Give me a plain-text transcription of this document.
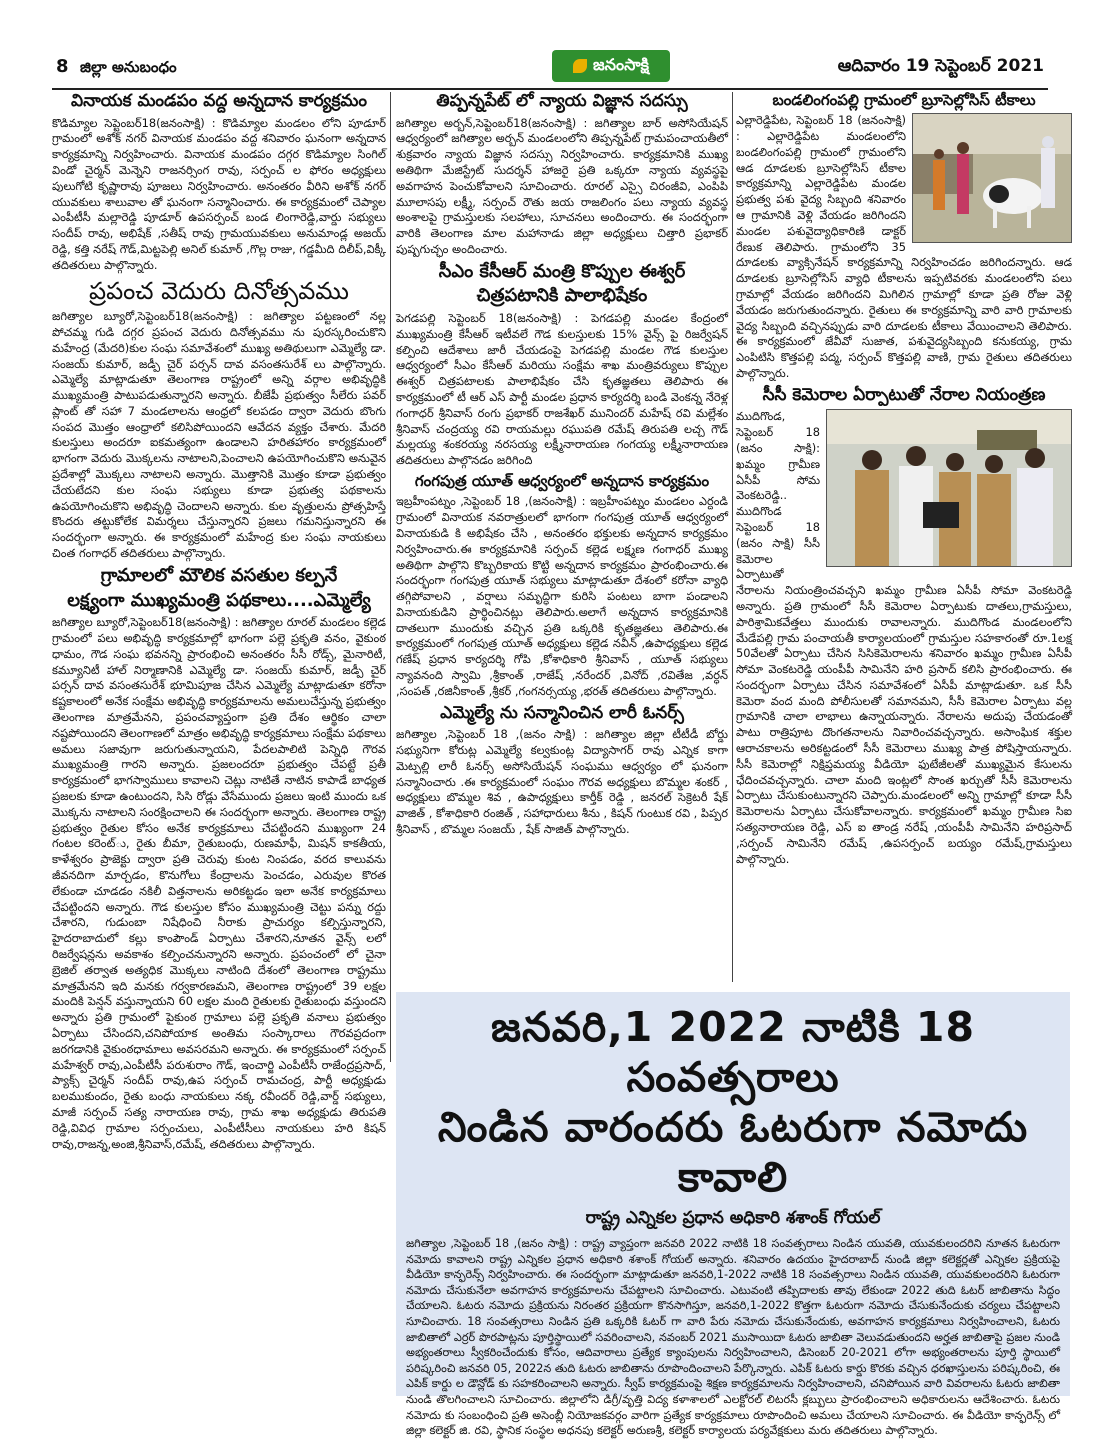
8 జిల్లా అనుబంధం	జనంసాక్షి	ఆదివారం 19 సెప్టెంబర్ 2021
వినాయక మండపం వద్ద అన్నదాన కార్యక్రమం

కొడిమ్యాల సెప్టెంబర్18(జనంసాక్షి) : కొడిమ్యాల మండలం లోని పూడూర్ గ్రామంలో అశోక్ నగర్ వినాయక మండపం వద్ద శనివారం ఘనంగా అన్నదాన కార్యక్రమాన్ని నిర్వహించారు. వినాయక మండపం దగ్గర కొడిమ్యాల సింగిల్ విండో చైర్మన్ మెన్నెని రాజనర్సింగ రావు, సర్పంచ్ ల ఫోరం అధ్యక్షులు పులుగోటి కృష్ణారావు పూజలు నిర్వహించారు. అనంతరం వీరిని అశోక్ నగర్ యువకులు శాలువాల తో ఘనంగా సన్మానించారు. ఈ కార్యక్రమంలో చెప్యాల ఎంపీటీసీ మల్లారెడ్డి పూడూర్ ఉపసర్పంచ్ బండ లింగారెడ్డి,వార్డు సభ్యులు సందీప్ రావు, అభిషేక్ ,సతీష్ రావు గ్రామయువకులు అనుమాండ్ల అజయ్ రెడ్డి, కత్తి నరేష్ గౌడ్,మిట్టపెల్లి అనిల్ కుమార్ ,గొల్ల రాజు, గడ్డమీది దిలీప్,విక్కీ తదితరులు పాల్గొన్నారు.

ప్రపంచ వెదురు దినోత్సవము

జగిత్యాల బ్యూరో,సెప్టెంబర్18(జనంసాక్షి) : జగిత్యాల పట్టణంలో నల్ల పోచమ్మ గుడి దగ్గర ప్రపంచ వెదురు దినోత్సవము ను పురస్కరించుకొని మహేంద్ర (మేదరి)కుల సంఘ సమావేశంలో ముఖ్య అతిథులుగా ఎమ్మెల్యే డా. సంజయ్ కుమార్, జడ్పీ చైర్ పర్సన్ దావ వసంతసురేశ్ లు పాల్గొన్నారు. ఎమ్మెల్యే మాట్లాడుతూ తెలంగాణ రాష్ట్రంలో అన్ని వర్గాల అభివృద్ధికి ముఖ్యమంత్రి పాటుపడుతున్నారని అన్నారు. బీజేపీ ప్రభుత్వం సీలేరు పవర్ ప్లాంట్ తో సహా 7 మండలాలను ఆంధ్రలో కలపడం ద్వారా వెదురు బొంగు సంపద మొత్తం ఆంధ్రాలో కలిసిపోయిందని ఆవేదన వ్యక్తం చేశారు. మేదరి కులస్తులు అందరూ ఐకమత్యంగా ఉండాలని హరితహారం కార్యక్రమంలో భాగంగా వెదురు మొక్కలను నాటాలని,పెంచాలని ఉపయోగించుకొని అనువైన ప్రదేశాల్లో మొక్కలు నాటాలని అన్నారు. మొత్తానికి మొత్తం కూడా ప్రభుత్వం చేయటేదని కుల సంఘ సభ్యులు కూడా ప్రభుత్వ పథకాలను ఉపయోగించుకొని అభివృద్ధి చెందాలని అన్నారు. కుల వృత్తులను ప్రోత్సహిస్తే కొందరు తట్టుకోలేక విమర్శలు చేస్తున్నారని ప్రజలు గమనిస్తున్నారని ఈ సందర్భంగా అన్నారు. ఈ కార్యక్రమంలో మహేంద్ర కుల సంఘ నాయకులు చింత గంగాధర్ తదితరులు పాల్గొన్నారు.

గ్రామాలలో మౌలిక వసతుల కల్పనే
లక్ష్యంగా ముఖ్యమంత్రి పథకాలు....ఎమ్మెల్యే

జగిత్యాల బ్యూరో,సెప్టెంబర్18(జనంసాక్షి) : జగిత్యాల రూరల్ మండలం కల్లెడ గ్రామంలో పలు అభివృద్ధి కార్యక్రమాల్లో భాగంగా పల్లె ప్రకృతి వనం, వైకుంఠ ధామం, గౌడ సంఘ భవనన్ని ప్రారంభించి అనంతరం సీసీ రోడ్స్, మైనారిటీ, కమ్యూనిటీ హాల్ నిర్మాణానికి ఎమ్మెల్యే డా. సంజయ్ కుమార్, జడ్పీ చైర్ పర్సన్ దావ వసంతసురేశ్ భూమిపూజ చేసిన ఎమ్మెల్యే మాట్లాడుతూ కరోనా కష్టకాలంలో అనేక సంక్షేమ అభివృద్ధి కార్యక్రమాలను అమలుచేస్తున్న ప్రభుత్వం తెలంగాణ మాత్రమేనని, ప్రపంచవ్యాప్తంగా ప్రతి దేశం ఆర్థికం చాలా నష్టపోయిందని తెలంగాణలో మాత్రం అభివృద్ధి కార్యక్రమాలు సంక్షేమ పథకాలు అమలు సజావుగా జరుగుతున్నాయని, పేదలపాలిటి పెన్నిధి గౌరవ ముఖ్యమంత్రి గారని అన్నారు. ప్రజలందరూ ప్రభుత్వం చేపట్టే ప్రతీ కార్యక్రమంలో భాగస్వాములు కావాలని చెట్లు నాటితే నాటిన కాపాడే బాధ్యత ప్రజలకు కూడా ఉంటుందని, సిసి రోడ్లు వేసేముందు ప్రజలు ఇంటి ముందు ఒక మొక్కను నాటాలని సంరక్షించాలని ఈ సందర్భంగా అన్నారు. తెలంగాణ రాష్ట్ర ప్రభుత్వం రైతుల కోసం అనేక కార్యక్రమాలు చేపట్టిందని ముఖ్యంగా 24 గంటల కరెంట్ు, రైతు బీమా, రైతుబంధు, రుణమాఫీ, మిషన్ కాకతీయ, కాళేశ్వరం ప్రాజెక్టు ద్వారా ప్రతి చెరువు కుంట నింపడం, వరద కాలువను జీవనదిగా మార్చడం, కొనుగోలు కేంద్రాలను పెంచడం, ఎరువుల కొరత లేకుండా చూడడం నకిలీ విత్తనాలను అరికట్టడం ఇలా అనేక కార్యక్రమాలు చేపట్టిందని అన్నారు. గౌడ కులస్తుల కోసం ముఖ్యమంత్రి చెట్టు పన్ను రద్దు చేశారని, గుడుంబా నిషేధించి నీరాకు ప్రాచుర్యం కల్పిస్తున్నారని, హైదరాబాదులో కల్లు కాంపౌండ్ ఏర్పాటు చేశారని,నూతన వైన్స్ లలో రిజర్వేషన్లను అవకాశం కల్పించనున్నారని అన్నారు. ప్రపంచంలో లో చైనా బ్రెజిల్ తర్వాత అత్యధిక మొక్కలు నాటింది దేశంలో తెలంగాణ రాష్ట్రము మాత్రమేనని ఇది మనకు గర్వకారణమని, తెలంగాణ రాష్ట్రంలో 39 లక్షల మందికి పెన్షన్ వస్తున్నాయని 60 లక్షల మంది రైతులకు రైతుబంధు వస్తుందని అన్నారు ప్రతి గ్రామంలో పైకుంఠ గ్రామాలు పల్లె ప్రకృతి వనాలు ప్రభుత్వం ఏర్పాటు చేసిందని,చనిపోయాక అంతిమ సంస్కారాలు గౌరవప్రదంగా జరగడానికి వైకుంఠధామాలు అవసరమని అన్నారు. ఈ కార్యక్రమంలో సర్పంచ్ మహేశ్వర్ రావు,ఎంపీటీసీ పరుశురాం గౌడ్, ఇంచార్జి ఎంపీటీసీ రాజేంద్రప్రసాద్, ప్యాక్స్ చైర్మన్ సందీప్ రావు,ఉప సర్పంచ్ రామచంద్ర, పార్టీ అధ్యక్షుడు బలముకుందం, రైతు బంధు నాయకులు నక్క రవీందర్ రెడ్డి,వార్డ్ సభ్యులు, మాజీ సర్పంచ్ సత్య నారాయణ రావు, గ్రామ శాఖ అధ్యక్షుడు తిరుపతి రెడ్డి,వివిధ గ్రామాల సర్పంచులు, ఎంపీటీసీలు నాయకులు హరి కిషన్ రావు,రాజన్న,అంజి,శ్రీనివాస్,రమేష్, తదితరులు పాల్గొన్నారు.

తిప్పన్నపేట్ లో న్యాయ విజ్ఞాన సదస్సు

జగిత్యాల అర్బన్,సెప్టెంబర్18(జనంసాక్షి) : జగిత్యాల బార్ అసోసియేషన్ ఆధ్వర్యంలో జగిత్యాల అర్బన్ మండలంలోని తిప్పన్నపేట్ గ్రామపంచాయతీలో శుక్రవారం న్యాయ విజ్ఞాన సదస్సు నిర్వహించారు. కార్యక్రమానికి ముఖ్య అతిథిగా మేజిస్ట్రేట్ సుదర్శన్ హాజరై ప్రతి ఒక్కరూ న్యాయ వ్యవస్థపై అవగాహన పెంచుకోవాలని సూచించారు. రూరల్ ఎస్సై చిరంజీవి, ఎంపిపి మూలాసపు లక్ష్మీ, సర్పంచ్ రౌతు జయ రాజలింగం పలు న్యాయ వ్యవస్థ అంశాలపై గ్రామస్తులకు సలహాలు, సూచనలు అందించారు. ఈ సందర్భంగా వారికి తెలంగాణ మాల మహానాడు జిల్లా అధ్యక్షులు చిత్తారి ప్రభాకర్ పుష్పగుచ్ఛం అందించారు.

సీఎం కేసీఆర్ మంత్రి కొప్పుల ఈశ్వర్
చిత్రపటానికి పాలాభిషేకం

పెగడపల్లి సెప్టెంబర్ 18(జనంసాక్షి) : పెగడపల్లి మండల కేంద్రంలో ముఖ్యమంత్రి కేసీఆర్ ఇటీవలే గౌడ కులస్తులకు 15% వైన్స్ పై రిజర్వేషన్ కల్పించి ఆదేశాలు జారీ చేయడంపై పెగడపల్లి మండల గౌడ కులస్తుల ఆధ్వర్యంలో సీఎం కేసీఆర్ మరియు సంక్షేమ శాఖ మంత్రివర్యులు కొప్పుల ఈశ్వర్ చిత్రపటాలకు పాలాభిషేకం చేసి కృతజ్ఞతలు తెలిపారు ఈ కార్యక్రమంలో టీ ఆర్ ఎస్ పార్టీ మండల ప్రధాన కార్యదర్శి బండి వెంకన్న నేరెళ్ల గంగాధర్ శ్రీనివాస్ రంగు ప్రభాకర్ రాజశేఖర్ మునిందర్ మహేష్ రవి మల్లేశం శ్రీనివాస్ చంద్రయ్య రవి రాయమల్లు రఘుపతి రమేష్ తిరుపతి లచ్చ గౌడ్ మల్లయ్య శంకరయ్య నరసయ్య లక్ష్మీనారాయణ గంగయ్య లక్ష్మీనారాయణ తదితరులు పాల్గొనడం జరిగింది

గంగపుత్ర యూత్ ఆధ్వర్యంలో అన్నదాన కార్యక్రమం

ఇబ్రహీంపట్నం ,సెప్టెంబర్ 18 ,(జనంసాక్షి) : ఇబ్రహీంపట్నం మండలం ఎర్దండి గ్రామంలో వినాయక నవరాత్రులలో భాగంగా గంగపుత్ర యూత్ ఆధ్వర్యంలో వినాయకుడి కి అభిషేకం చేసి , అనంతరం భక్తులకు అన్నదాన కార్యక్రమం నిర్వహించారు.ఈ కార్యక్రమానికి సర్పంచ్ కల్లెడ లక్ష్మణ గంగాధర్ ముఖ్య అతిథిగా పాల్గొని కొబ్బరికాయ కొట్టి అన్నదాన కార్యక్రమం ప్రారంభించారు.ఈ సందర్భంగా గంగపుత్ర యూత్ సభ్యులు మాట్లాడుతూ దేశంలో కరోనా వ్యాధి తగ్గిపోవాలని , వర్షాలు సమృద్ధిగా కురిసి పంటలు బాగా పండాలని వినాయకుడిని ప్రార్థించినట్లు తెలిపారు.అలాగే అన్నదాన కార్యక్రమానికి దాతలుగా ముందుకు వచ్చిన ప్రతి ఒక్కరికి కృతజ్ఞతలు తెలిపారు.ఈ కార్యక్రమంలో గంగపుత్ర యూత్ అధ్యక్షులు కల్లెడ నవీన్ ,ఉపాధ్యక్షులు కల్లెడ గణేష్ ప్రధాన కార్యదర్శి గోపి ,కోశాధికారి శ్రీనివాస్ , యూత్ సభ్యులు న్యావనంది స్వామి ,శ్రీకాంత్ ,రాజేష్ ,నరేందర్ ,వినోద్ ,రవితేజ ,వర్ధన్ ,సంపత్ ,రజినీకాంత్ ,శ్రీకర్ ,గంగనర్సయ్య ,భరత్ తదితరులు పాల్గొన్నారు.

ఎమ్మెల్యే ను సన్మానించిన లారీ ఓనర్స్

జగిత్యాల ,సెప్టెంబర్ 18 ,(జనం సాక్షి) : జగిత్యాల జిల్లా టీటీడీ బోర్డు సభ్యునిగా కోరుట్ల ఎమ్మెల్యే కల్వకుంట్ల విద్యాసాగర్ రావు ఎన్నిక కాగా మెట్పల్లి లారీ ఓనర్స్ అసోసియేషన్ సంఘము ఆధ్వర్యం లో ఘనంగా సన్మానించారు .ఈ కార్యక్రమంలో సంఘం గౌరవ అధ్యక్షులు బొమ్మల శంకర్ , అధ్యక్షులు బొమ్మల శివ , ఉపాధ్యక్షులు కార్తీక్ రెడ్డి , జనరల్ సెక్రెటరీ షేక్ వాజిత్ , కోశాధికారి రంజిత్ , సహాధారులు శీను , కిషన్ గుంటుక రవి , పిప్పర శ్రీనివాస్ , బొమ్మల సంజయ్ , షేక్ సాజిత్ పాల్గొన్నారు.

బండలింగంపల్లి గ్రామంలో బ్రూసెల్లోసిస్ టీకాలు

ఎల్లారెడ్డిపేట, సెప్టెంబర్ 18 (జనంసాక్షి) : ఎల్లారెడ్డిపేట మండలంలోని బండలింగంపల్లి గ్రామంలో గ్రామంలోని ఆడ దూడలకు బ్రూసెల్లోసిస్ టీకాల కార్యక్రమాన్ని ఎల్లారెడ్డిపేట మండల ప్రభుత్వ పశు వైద్య సిబ్బంది శనివారం ఆ గ్రామానికి వెళ్లి వేయడం జరిగిందని మండల పశువైద్యాధికారిణి డాక్టర్ రేణుక తెలిపారు. గ్రామంలోని 35 దూడలకు వ్యాక్సినేషన్ కార్యక్రమాన్ని నిర్వహించడం జరిగిందన్నారు. ఆడ దూడలకు బ్రూసెల్లోసిస్ వ్యాధి టీకాలను ఇప్పటివరకు మండలంలోని పలు గ్రామాల్లో వేయడం జరిగిందని మిగిలిన గ్రామాల్లో కూడా ప్రతి రోజు వెళ్లి వేయడం జరుగుతుందన్నారు. రైతులు ఈ కార్యక్రమాన్ని వారి వారి గ్రామాలకు వైద్య సిబ్బంది వచ్చినప్పుడు వారి దూడలకు టీకాలు వేయించాలని తెలిపారు. ఈ కార్యక్రమంలో జేవీవో సుజాత, పశువైద్యసిబ్బంది కనుకయ్య, గ్రామ ఎంపిటిసి కొత్తపల్లి పద్మ, సర్పంచ్ కొత్తపల్లి వాణి, గ్రామ రైతులు తదితరులు పాల్గొన్నారు.

సీసీ కెమెరాల ఏర్పాటుతో నేరాల నియంత్రణ

ముదిగొండ, సెప్టెంబర్ 18 (జనం సాక్షి): ఖమ్మం గ్రామీణ ఏసీపీ సోమ వెంకటరెడ్డి.. ముదిగొండ సెప్టెంబర్ 18 (జనం సాక్షి) సీసీ కెమెరాల ఏర్పాటుతో నేరాలను నియంత్రించవచ్చని ఖమ్మం గ్రామీణ ఏసీపీ సోమా వెంకటరెడ్డి అన్నారు. ప్రతి గ్రామంలో సీసీ కెమెరాల ఏర్పాటుకు దాతలు,గ్రామస్తులు, పారిశ్రామికవేత్తలు ముందుకు రావాలన్నారు. ముదిగొండ మండలంలోని మేడేపల్లి గ్రామ పంచాయతీ కార్యాలయంలో గ్రామస్తుల సహకారంతో రూ.1లక్ష 50వేలతో ఏర్పాటు చేసిన సిసికెమెరాలను శనివారం ఖమ్మం గ్రామీణ ఏసీపీ సోమా వెంకటరెడ్డి యంపీపీ సామినేని హరి ప్రసాద్ కలిసి ప్రారంభించారు. ఈ సందర్భంగా ఏర్పాటు చేసిన సమావేశంలో ఏసీపీ మాట్లాడుతూ. ఒక సీసీ కెమెరా వంద మంది పోలీసులతో సమానమని, సీసీ కెమెరాల ఏర్పాటు వల్ల గ్రామానికి చాలా లాభాలు ఉన్నాయన్నారు. నేరాలను అదుపు చేయడంతో పాటు రాత్రిపూట దొంగతనాలను నివారించవచ్చన్నారు. అసాంఘిక శక్తుల ఆరాచకాలను అరికట్టడంలో సీసీ కెమెరాలు ముఖ్య పాత్ర పోషిస్తాయన్నారు. సీసీ కెమెరాల్లో నిక్షిప్తమయ్య వీడియో ఫుటేజీలతో ముఖ్యమైన కేసులను ఛేదించవచ్చన్నారు. చాలా మంది ఇంట్లలో సొంత ఖర్చుతో సీసీ కెమెరాలను ఏర్పాటు చేసుకుంటున్నారని చెప్పారు.మండలంలో అన్ని గ్రామాల్లో కూడా సీసీ కెమెరాలను ఏర్పాటు చేసుకోవాలన్నారు. కార్యక్రమంలో ఖమ్మం గ్రామీణ సిఐ సత్యనారాయణ రెడ్డి, ఎస్ ఐ తాండ్ర నరేష్ ,యంపీపీ సామినేని హరిప్రసాద్ ,సర్పంచ్ సామినేని రమేష్ ,ఉపసర్పంచ్ బయ్యం రమేష్,గ్రామస్తులు పాల్గొన్నారు.

జనవరి,1 2022 నాటికి 18 సంవత్సరాలు
నిండిన వారందరు ఓటరుగా నమోదు కావాలి
రాష్ట్ర ఎన్నికల ప్రధాన అధికారి శశాంక్ గోయల్
జగిత్యాల ,సెప్టెంబర్ 18 ,(జనం సాక్షి) : రాష్ట్ర వ్యాప్తంగా జనవరి 2022 నాటికి 18 సంవత్సరాలు నిండిన యువతి, యువకులందరిని నూతన ఓటరుగా నమోదు కావాలని రాష్ట్ర ఎన్నికల ప్రధాన అధికారి శశాంక్ గోయల్ అన్నారు. శనివారం ఉదయం హైదరాబాద్ నుండి జిల్లా కలెక్టర్లతో ఎన్నికల ప్రక్రియపై వీడియో కాన్ఫరెన్స్ నిర్వహించారు. ఈ సందర్భంగా మాట్లాడుతూ జనవరి,1-2022 నాటికి 18 సంవత్సరాలు నిండిన యువతి, యువకులందరిని ఓటరుగా నమోదు చేసుకునేలా అవగాహన కార్యక్రమాలను చేపట్టాలని సూచించారు. ఎటువంటి తప్పిదాలకు తావు లేకుండా 2022 తుది ఓటర్ జాబితాను సిద్ధం చేయాలని. ఓటరు నమోదు ప్రక్రియను నిరంతర ప్రక్రియగా కొనసాగిస్తూ, జనవరి,1-2022 కొత్తగా ఓటరుగా నమోదు చేసుకునేందుకు చర్యలు చేపట్టాలని సూచించారు. 18 సంవత్సరాలు నిండిన ప్రతి ఒక్కరికి ఓటర్ గా వారి పేరు నమోదు చేసుకునేందుకు, అవగాహన కార్యక్రమాలు నిర్వహించాలని, ఓటరు జాబితాలో ఎర్రర్ పొరపాట్లను పూర్తిస్థాయిలో సవరించాలని, నవంబర్ 2021 ముసాయిదా ఓటరు జాబితా వెలువడుతుందని అర్హత జాబితాపై ప్రజల నుండి అభ్యంతరాలు స్వీకరించేందుకు కోసం, ఆదివారాలు ప్రత్యేక క్యాంపులను నిర్వహించాలని, డిసెంబర్ 20-2021 లోగా అభ్యంతరాలను పూర్తి స్థాయిలో పరిష్కరించి జనవరి 05, 2022న తుది ఓటరు జాబితాను రూపొందించాలని పేర్కొన్నారు. ఎపిక్ ఓటరు కార్డు కొరకు వచ్చిన ధరఖాస్తులను పరిష్కరించి, ఈ ఎపిక్ కార్డు ల డౌన్లోడ్ కు సహకరించాలని అన్నారు. స్వీప్ కార్యక్రమంపై శిక్షణ కార్యక్రమాలను నిర్వహించాలని, చనిపోయిన వారి వివరాలను ఓటరు జాబితా నుండి తొలగించాలని సూచించారు. జిల్లాలోని డిగ్రీ/వృత్తి విద్య కళాశాలలో ఎలక్టోరల్ లిటరసీ క్లబ్బులు ప్రారంభించాలని అధికారులను ఆదేశించారు. ఓటరు నమోదు కు సంబంధించి ప్రతి అసెంబ్లీ నియోజకవర్గం వారిగా ప్రత్యేక కార్యక్రమాలు రూపొందించి అమలు చేయాలని సూచించారు. ఈ వీడియో కాన్ఫరెన్స్ లో జిల్లా కలెక్టర్ జి. రవి, స్థానిక సంస్థల అధనపు కలెక్టర్ అరుణశ్రీ, కలెక్టర్ కార్యాలయ పర్యవేక్షకులు మరు తదితరులు పాల్గొన్నారు.
